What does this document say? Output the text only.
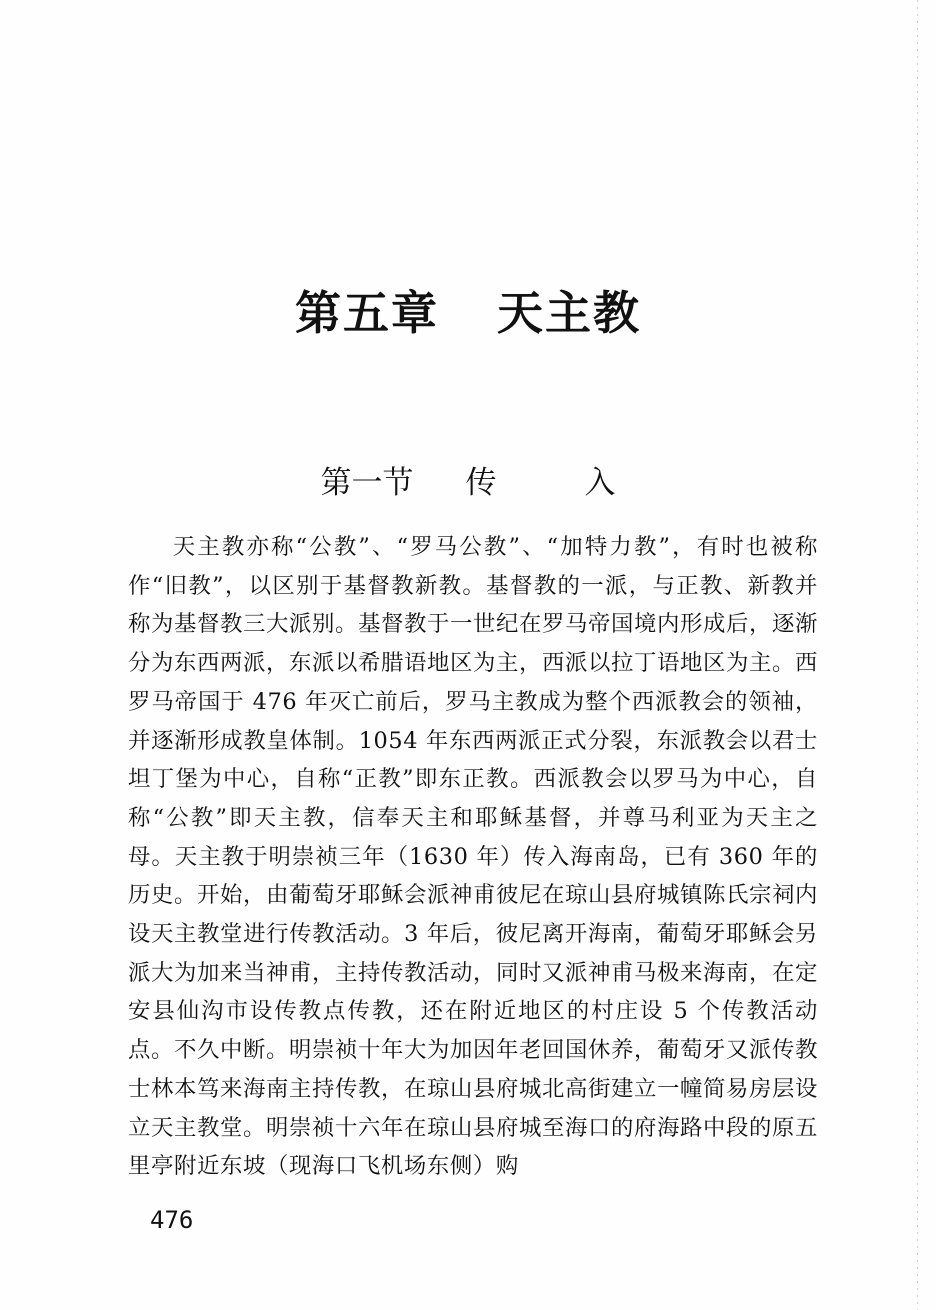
第五章 天主教
第一节 传	入

天主教亦称“公教”、“罗马公教”、“加特力教”，有时也被称作“旧教”，以区别于基督教新教。基督教的一派，与正教、新教并称为基督教三大派别。基督教于一世纪在罗马帝国境内形成后，逐渐分为东西两派，东派以希腊语地区为主，西派以拉丁语地区为主。西罗马帝国于 476 年灭亡前后，罗马主教成为整个西派教会的领袖，并逐渐形成教皇体制。1054 年东西两派正式分裂，东派教会以君士坦丁堡为中心，自称“正教”即东正教。西派教会以罗马为中心，自称“公教”即天主教，信奉天主和耶稣基督，并尊马利亚为天主之母。天主教于明崇祯三年（1630 年）传入海南岛，已有 360 年的历史。开始，由葡萄牙耶稣会派神甫彼尼在琼山县府城镇陈氏宗祠内设天主教堂进行传教活动。3 年后，彼尼离开海南，葡萄牙耶稣会另派大为加来当神甫，主持传教活动，同时又派神甫马极来海南，在定安县仙沟市设传教点传教，还在附近地区的村庄设 5 个传教活动点。不久中断。明崇祯十年大为加因年老回国休养，葡萄牙又派传教士林本笃来海南主持传教，在琼山县府城北高街建立一幢简易房层设立天主教堂。明崇祯十六年在琼山县府城至海口的府海路中段的原五里亭附近东坡（现海口飞机场东侧）购

476
